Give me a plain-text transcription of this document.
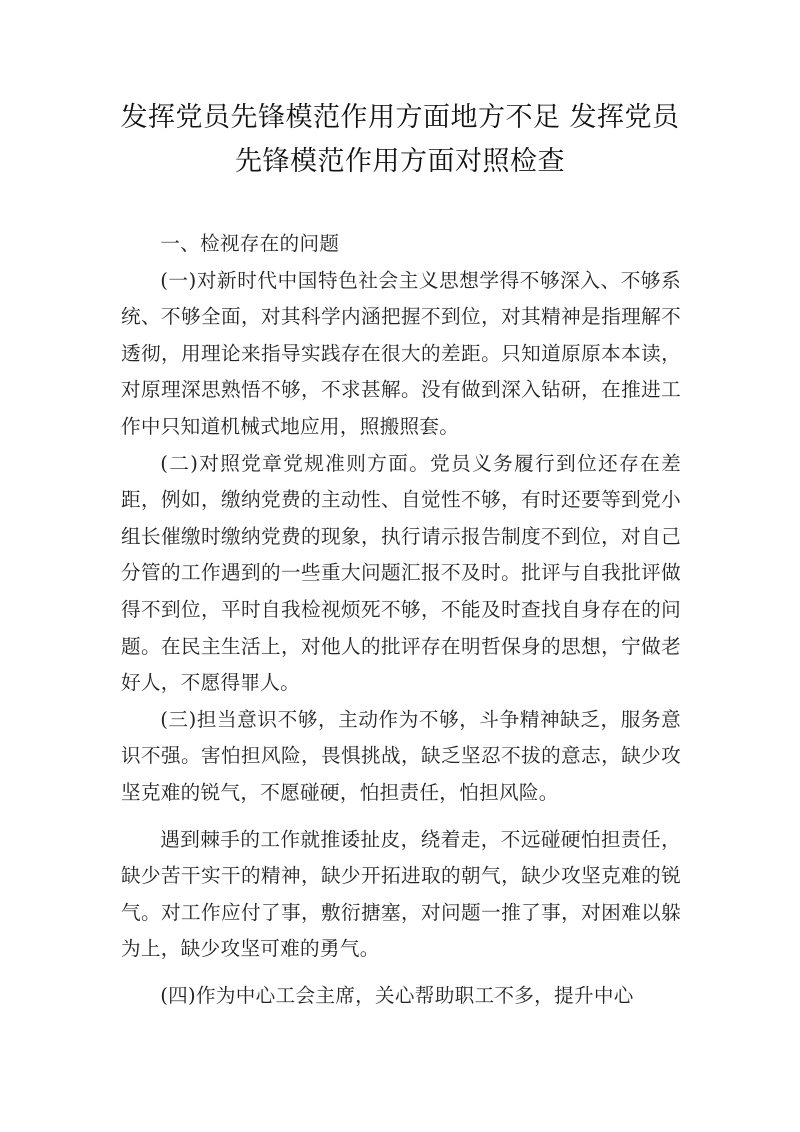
发挥党员先锋模范作用方面地方不足 发挥党员先锋模范作用方面对照检查

一、检视存在的问题

(一)对新时代中国特色社会主义思想学得不够深入、不够系统、不够全面，对其科学内涵把握不到位，对其精神是指理解不透彻，用理论来指导实践存在很大的差距。只知道原原本本读，对原理深思熟悟不够，不求甚解。没有做到深入钻研，在推进工作中只知道机械式地应用，照搬照套。

(二)对照党章党规准则方面。党员义务履行到位还存在差距，例如，缴纳党费的主动性、自觉性不够，有时还要等到党小组长催缴时缴纳党费的现象，执行请示报告制度不到位，对自己分管的工作遇到的一些重大问题汇报不及时。批评与自我批评做得不到位，平时自我检视烦死不够，不能及时查找自身存在的问题。在民主生活上，对他人的批评存在明哲保身的思想，宁做老好人，不愿得罪人。

(三)担当意识不够，主动作为不够，斗争精神缺乏，服务意识不强。害怕担风险，畏惧挑战，缺乏坚忍不拔的意志，缺少攻坚克难的锐气，不愿碰硬，怕担责任，怕担风险。

遇到棘手的工作就推诿扯皮，绕着走，不远碰硬怕担责任，缺少苦干实干的精神，缺少开拓进取的朝气，缺少攻坚克难的锐气。对工作应付了事，敷衍搪塞，对问题一推了事，对困难以躲为上，缺少攻坚可难的勇气。

(四)作为中心工会主席，关心帮助职工不多，提升中心
